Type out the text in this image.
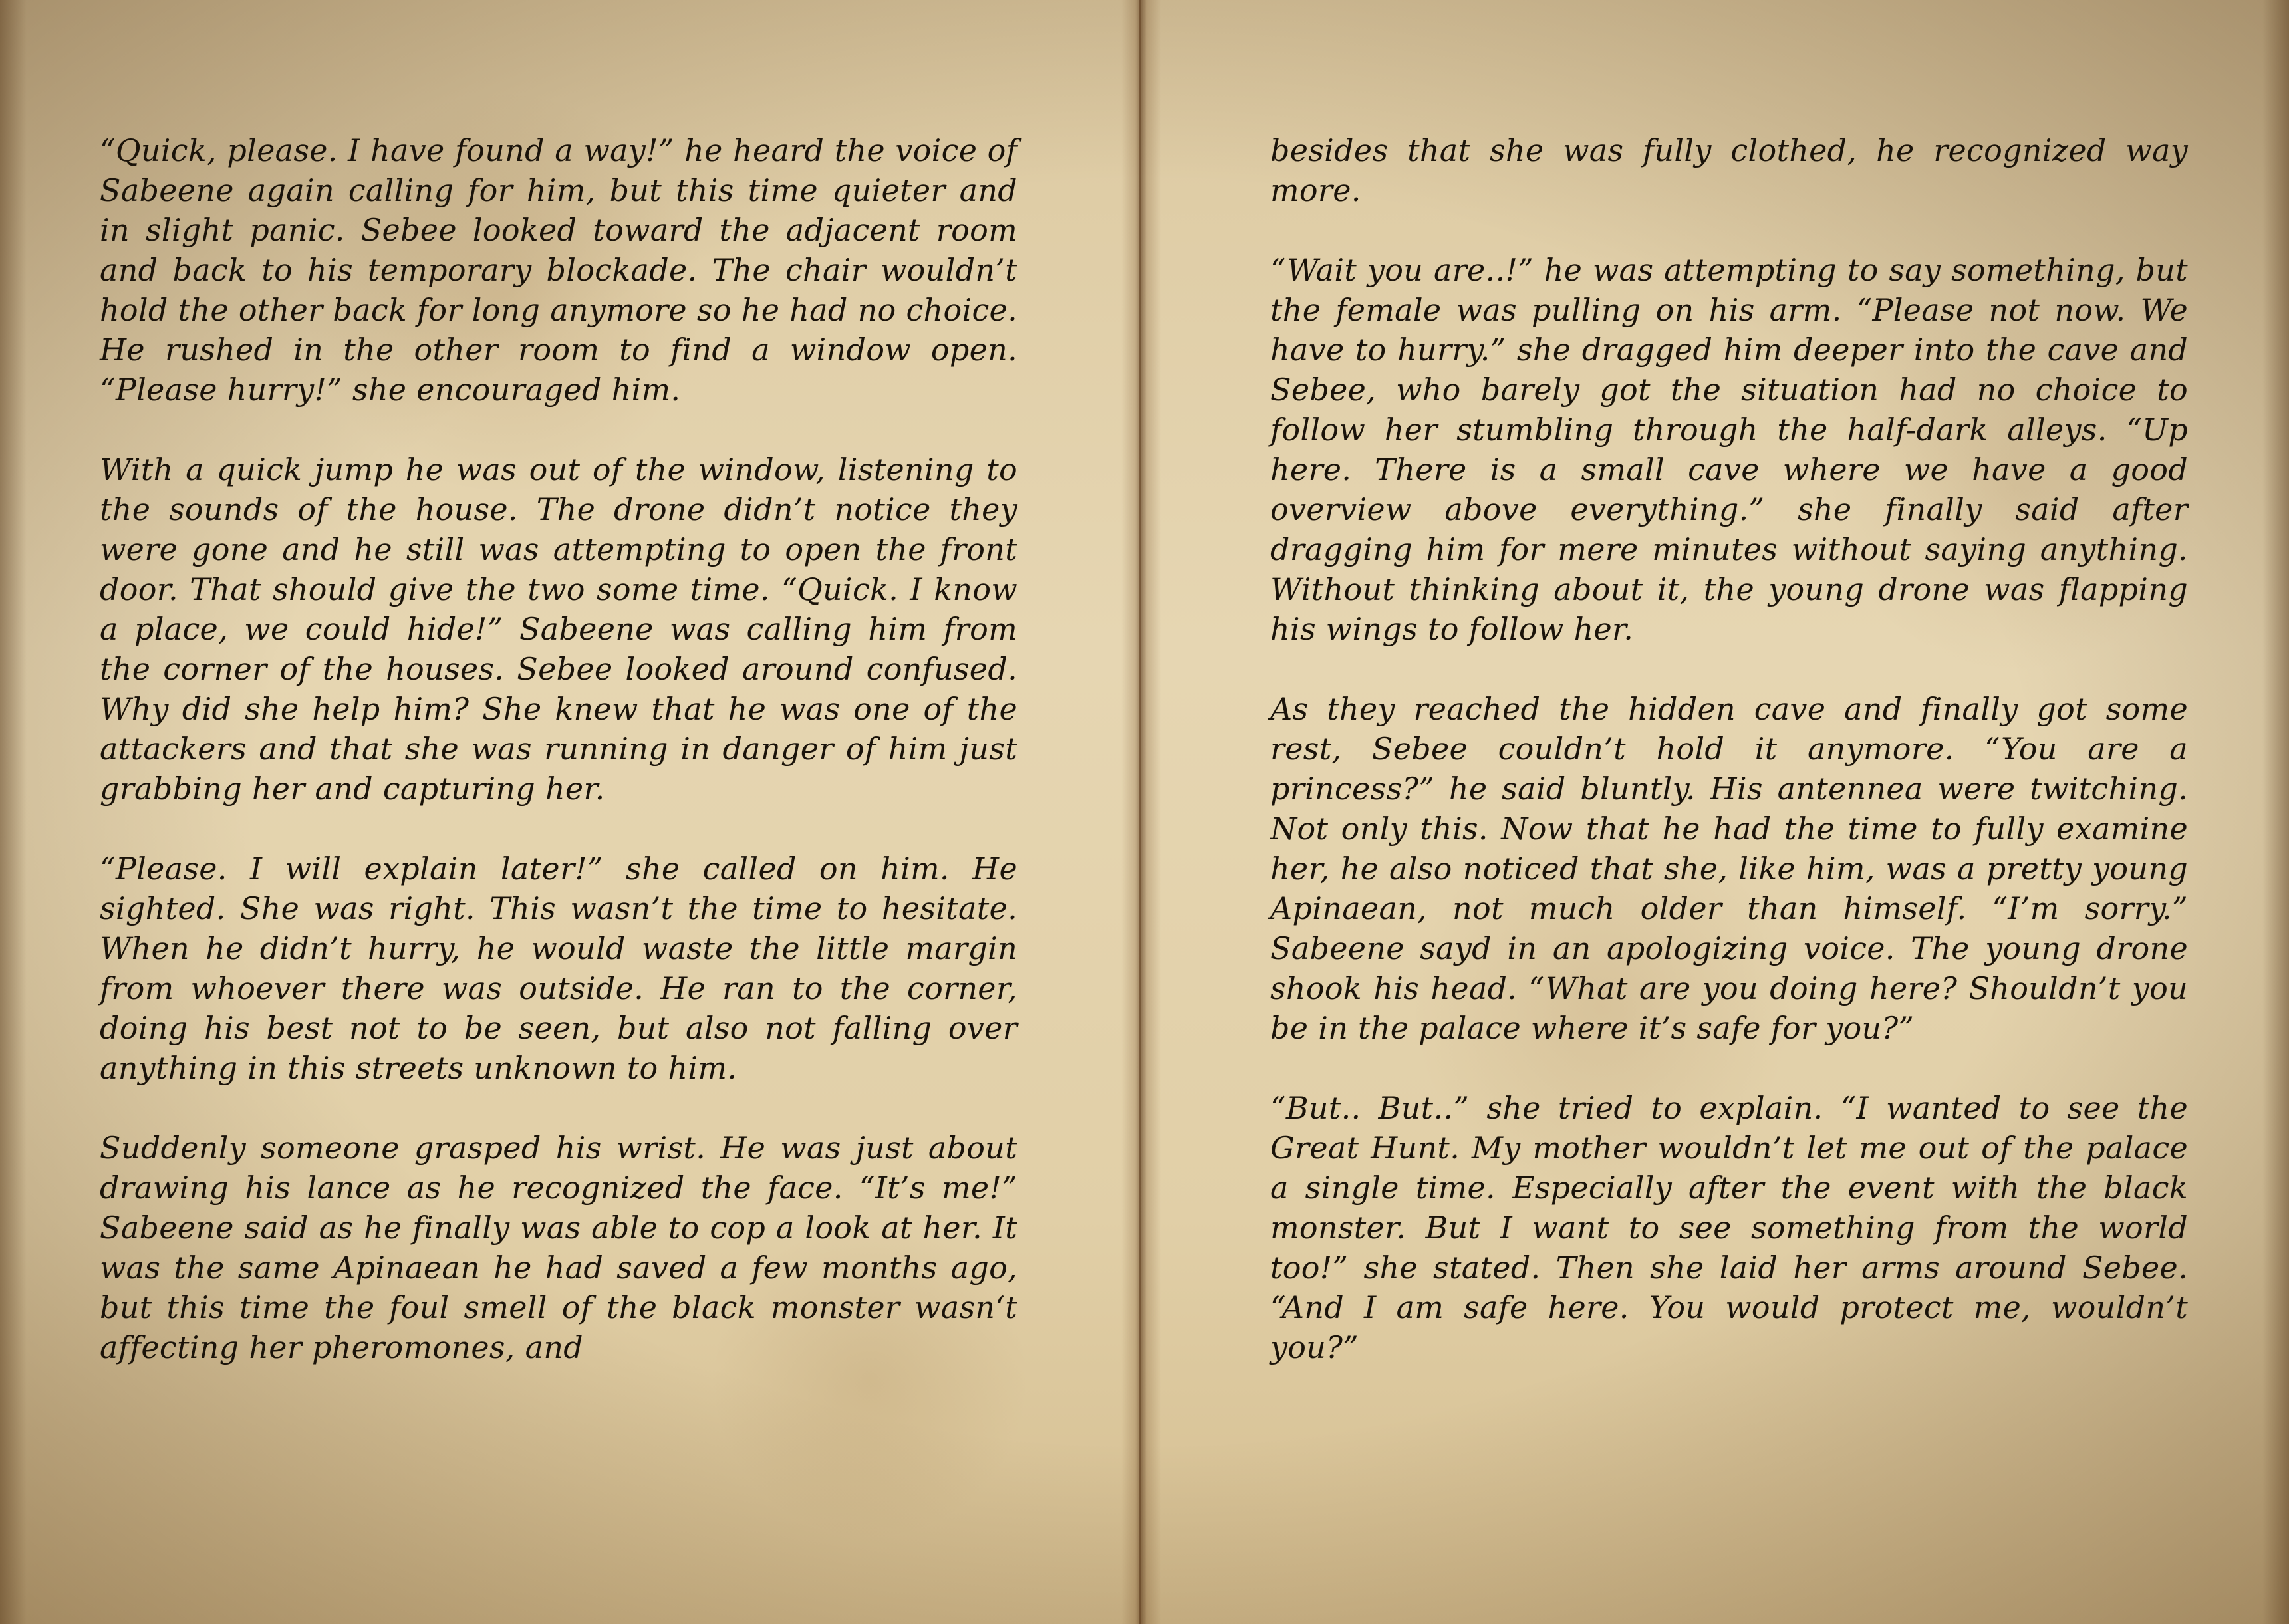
“Quick, please. I have found a way!” he heard the voice of Sabeene again calling for him, but this time quieter and in slight panic. Sebee looked toward the adjacent room and back to his temporary blockade. The chair wouldn’t hold the other back for long anymore so he had no choice. He rushed in the other room to find a window open. “Please hurry!” she encouraged him.

With a quick jump he was out of the window, listening to the sounds of the house. The drone didn’t notice they were gone and he still was attempting to open the front door. That should give the two some time. “Quick. I know a place, we could hide!” Sabeene was calling him from the corner of the houses. Sebee looked around confused. Why did she help him? She knew that he was one of the attackers and that she was running in danger of him just grabbing her and capturing her.

“Please. I will explain later!” she called on him. He sighted. She was right. This wasn’t the time to hesitate. When he didn’t hurry, he would waste the little margin from whoever there was outside. He ran to the corner, doing his best not to be seen, but also not falling over anything in this streets unknown to him.

Suddenly someone grasped his wrist. He was just about drawing his lance as he recognized the face. “It’s me!” Sabeene said as he finally was able to cop a look at her. It was the same Apinaean he had saved a few months ago, but this time the foul smell of the black monster wasn‘t affecting her pheromones, and

besides that she was fully clothed, he recognized way more.

“Wait you are..!” he was attempting to say something, but the female was pulling on his arm. “Please not now. We have to hurry.” she dragged him deeper into the cave and Sebee, who barely got the situation had no choice to follow her stumbling through the half-dark alleys. “Up here. There is a small cave where we have a good overview above everything.” she finally said after dragging him for mere minutes without saying anything. Without thinking about it, the young drone was flapping his wings to follow her.

As they reached the hidden cave and finally got some rest, Sebee couldn’t hold it anymore. “You are a princess?” he said bluntly. His antennea were twitching. Not only this. Now that he had the time to fully examine her, he also noticed that she, like him, was a pretty young Apinaean, not much older than himself. “I’m sorry.” Sabeene sayd in an apologizing voice. The young drone shook his head. “What are you doing here? Shouldn’t you be in the palace where it’s safe for you?”

“But.. But..” she tried to explain. “I wanted to see the Great Hunt. My mother wouldn’t let me out of the palace a single time. Especially after the event with the black monster. But I want to see something from the world too!” she stated. Then she laid her arms around Sebee. “And I am safe here. You would protect me, wouldn’t you?”
